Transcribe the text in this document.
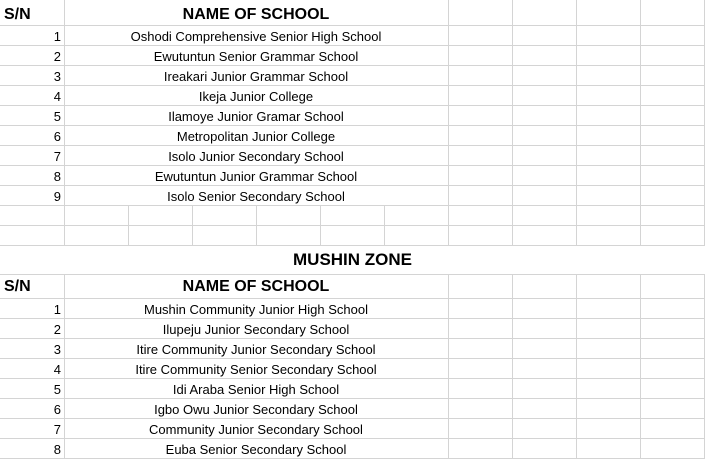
S/N	NAME OF SCHOOL
1	Oshodi Comprehensive Senior High School
2	Ewutuntun Senior Grammar School
3	Ireakari Junior Grammar School
4	Ikeja Junior College
5	Ilamoye Junior Gramar School
6	Metropolitan Junior College
7	Isolo Junior Secondary School
8	Ewutuntun Junior Grammar School
9	Isolo Senior Secondary School
MUSHIN ZONE
S/N	NAME OF SCHOOL
1	Mushin Community Junior High School
2	Ilupeju Junior Secondary School
3	Itire Community Junior Secondary School
4	Itire Community Senior Secondary School
5	Idi Araba Senior High School
6	Igbo Owu Junior Secondary School
7	Community Junior Secondary School
8	Euba Senior Secondary School
